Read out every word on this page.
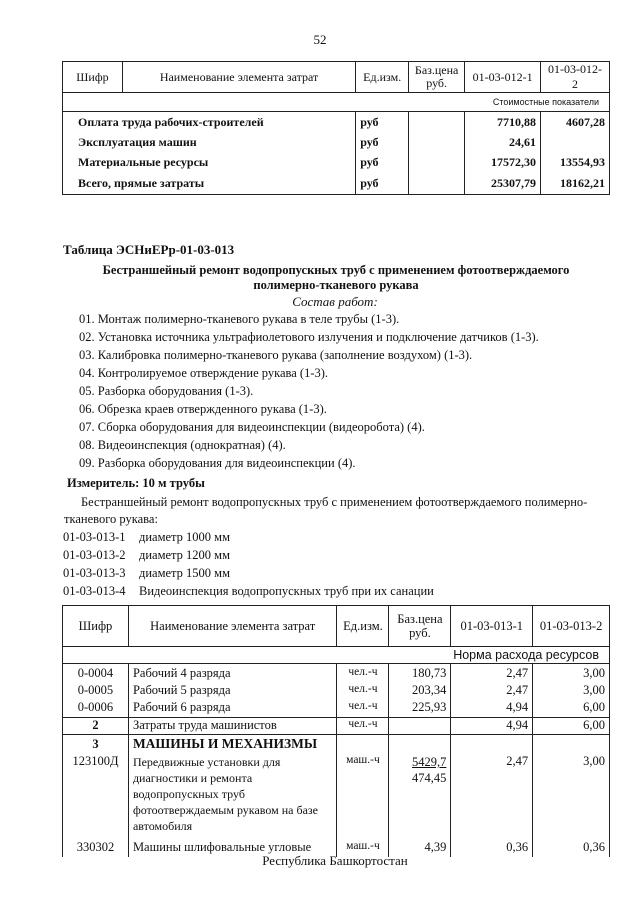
52
Шифр	Наименование элемента затрат	Ед.изм.	Баз.цена руб.	01-03-012-1	01-03-012-2
Стоимостные показатели					
Оплата труда рабочих-строителей		руб		7710,88	4607,28
Эксплуатация машин		руб		24,61	
Материальные ресурсы		руб		17572,30	13554,93
Всего, прямые затраты		руб		25307,79	18162,21
Таблица ЭСНиЕРр-01-03-013
Бестраншейный ремонт водопропускных труб с применением фотоотверждаемого
полимерно-тканевого рукава
Состав работ:
01. Монтаж полимерно-тканевого рукава в теле трубы (1-3).
02. Установка источника ультрафиолетового излучения и подключение датчиков (1-3).
03. Калибровка полимерно-тканевого рукава (заполнение воздухом) (1-3).
04. Контролируемое отверждение рукава (1-3).
05. Разборка оборудования (1-3).
06. Обрезка краев отвержденного рукава (1-3).
07. Сборка оборудования для видеоинспекции (видеоробота) (4).
08. Видеоинспекция (однократная) (4).
09. Разборка оборудования для видеоинспекции (4).
Измеритель: 10 м трубы
Бестраншейный ремонт водопропускных труб с применением фотоотверждаемого полимерно-тканевого рукава:
01-03-013-1 диаметр 1000 мм
01-03-013-2 диаметр 1200 мм
01-03-013-3 диаметр 1500 мм
01-03-013-4 Видеоинспекция водопропускных труб при их санации
Шифр	Наименование элемента затрат	Ед.изм.	Баз.цена руб.	01-03-013-1	01-03-013-2
Норма расхода ресурсов					
0-0004	Рабочий 4 разряда	чел.-ч	180,73	2,47	3,00
0-0005	Рабочий 5 разряда	чел.-ч	203,34	2,47	3,00
0-0006	Рабочий 6 разряда	чел.-ч	225,93	4,94	6,00
2	Затраты труда машинистов	чел.-ч		4,94	6,00
3	МАШИНЫ И МЕХАНИЗМЫ				
123100Д	Передвижные установки для диагностики и ремонта водопропускных труб фотоотверждаемым рукавом на базе автомобиля	маш.-ч	5429,7
474,45	2,47	3,00
330302	Машины шлифовальные угловые	маш.-ч	4,39	0,36	0,36
Республика Башкортостан
